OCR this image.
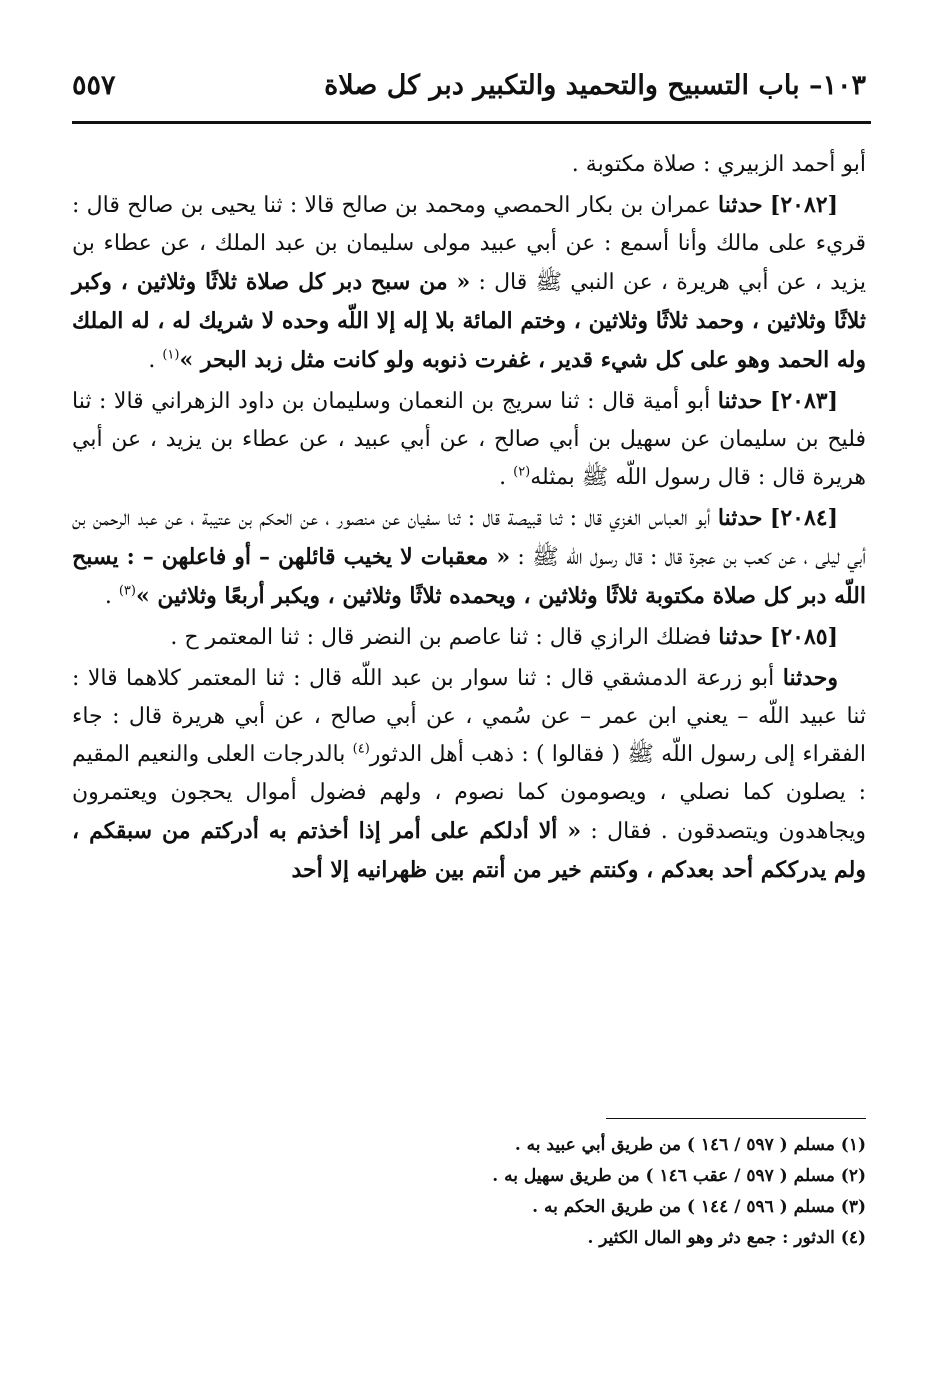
١٠٣– باب التسبيح والتحميد والتكبير دبر كل صلاة
٥٥٧

أبو أحمد الزبيري : صلاة مكتوبة .

[٢٠٨٢] حدثنا عمران بن بكار الحمصي ومحمد بن صالح قالا : ثنا يحيى بن صالح قال : قريء على مالك وأنا أسمع : عن أبي عبيد مولى سليمان بن عبد الملك ، عن عطاء بن يزيد ، عن أبي هريرة ، عن النبي ﷺ قال : « من سبح دبر كل صلاة ثلاثًا وثلاثين ، وكبر ثلاثًا وثلاثين ، وحمد ثلاثًا وثلاثين ، وختم المائة بلا إله إلا اللّه وحده لا شريك له ، له الملك وله الحمد وهو على كل شيء قدير ، غفرت ذنوبه ولو كانت مثل زبد البحر »$^{(١)}$ .

[٢٠٨٣] حدثنا أبو أمية قال : ثنا سريج بن النعمان وسليمان بن داود الزهراني قالا : ثنا فليح بن سليمان عن سهيل بن أبي صالح ، عن أبي عبيد ، عن عطاء بن يزيد ، عن أبي هريرة قال : قال رسول اللّه ﷺ بمثله$^{(٢)}$ .

[٢٠٨٤] حدثنا أبو العباس الغزي قال : ثنا قبيصة قال : ثنا سفيان عن منصور ، عن الحكم بن عتيبة ، عن عبد الرحمن بن أبي ليلى ، عن كعب بن عجرة قال : قال رسول اللّه ﷺ : « معقبات لا يخيب قائلهن – أو فاعلهن – : يسبح اللّه دبر كل صلاة مكتوبة ثلاثًا وثلاثين ، ويحمده ثلاثًا وثلاثين ، ويكبر أربعًا وثلاثين »$^{(٣)}$ .

[٢٠٨٥] حدثنا فضلك الرازي قال : ثنا عاصم بن النضر قال : ثنا المعتمر ح .

وحدثنا أبو زرعة الدمشقي قال : ثنا سوار بن عبد اللّه قال : ثنا المعتمر كلاهما قالا : ثنا عبيد اللّه – يعني ابن عمر – عن سُمي ، عن أبي صالح ، عن أبي هريرة قال : جاء الفقراء إلى رسول اللّه ﷺ ( فقالوا ) : ذهب أهل الدثور$^{(٤)}$ بالدرجات العلى والنعيم المقيم : يصلون كما نصلي ، ويصومون كما نصوم ، ولهم فضول أموال يحجون ويعتمرون ويجاهدون ويتصدقون . فقال : « ألا أدلكم على أمر إذا أخذتم به أدركتم من سبقكم ، ولم يدرككم أحد بعدكم ، وكنتم خير من أنتم بين ظهرانيه إلا أحد

(١) مسلم ( ٥٩٧ / ١٤٦ ) من طريق أبي عبيد به .
(٢) مسلم ( ٥٩٧ / عقب ١٤٦ ) من طريق سهيل به .
(٣) مسلم ( ٥٩٦ / ١٤٤ ) من طريق الحكم به .
(٤) الدثور : جمع دثر وهو المال الكثير .
